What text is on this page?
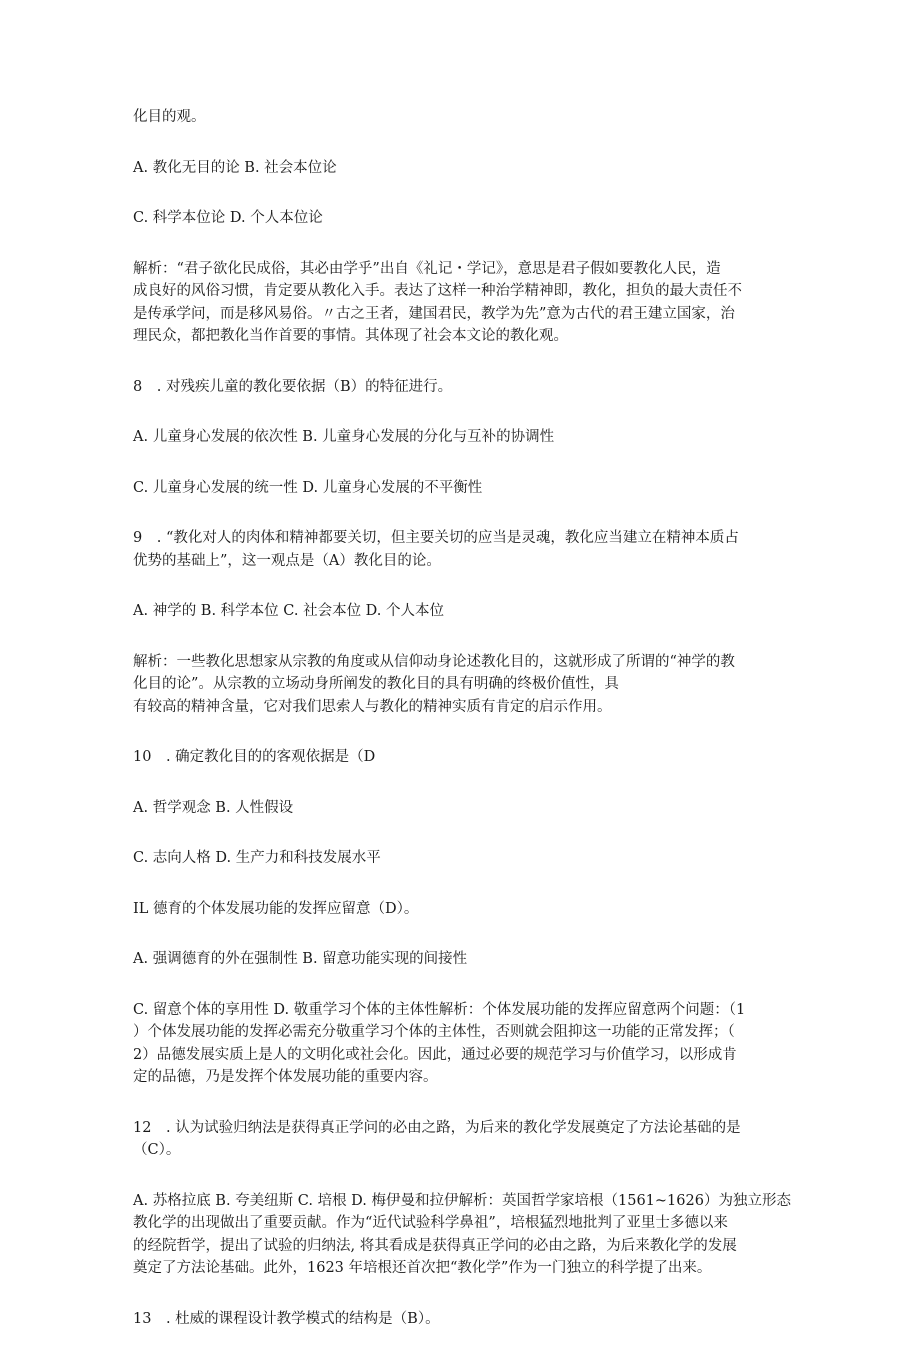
化目的观。
A. 教化无目的论 B. 社会本位论
C. 科学本位论 D. 个人本位论
解析：“君子欲化民成俗，其必由学乎”出自《礼记・学记》，意思是君子假如要教化人民，造
成良好的风俗习惯，肯定要从教化入手。表达了这样一种治学精神即，教化，担负的最大责任不
是传承学问，而是移风易俗。〃古之王者，建国君民，教学为先”意为古代的君王建立国家，治
理民众，都把教化当作首要的事情。其体现了社会本文论的教化观。
8　. 对残疾儿童的教化要依据（B）的特征进行。
A. 儿童身心发展的依次性 B. 儿童身心发展的分化与互补的协调性
C. 儿童身心发展的统一性 D. 儿童身心发展的不平衡性
9　. “教化对人的肉体和精神都要关切，但主要关切的应当是灵魂，教化应当建立在精神本质占
优势的基础上”，这一观点是（A）教化目的论。
A. 神学的 B. 科学本位 C. 社会本位 D. 个人本位
解析：一些教化思想家从宗教的角度或从信仰动身论述教化目的，这就形成了所谓的“神学的教
化目的论”。从宗教的立场动身所阐发的教化目的具有明确的终极价值性，具
有较高的精神含量，它对我们思索人与教化的精神实质有肯定的启示作用。
10　. 确定教化目的的客观依据是（D
A. 哲学观念 B. 人性假设
C. 志向人格 D. 生产力和科技发展水平
IL 德育的个体发展功能的发挥应留意（D）。
A. 强调德育的外在强制性 B. 留意功能实现的间接性
C. 留意个体的享用性 D. 敬重学习个体的主体性解析：个体发展功能的发挥应留意两个问题：（1
）个体发展功能的发挥必需充分敬重学习个体的主体性，否则就会阻抑这一功能的正常发挥；（
2）品德发展实质上是人的文明化或社会化。因此，通过必要的规范学习与价值学习，以形成肯
定的品德，乃是发挥个体发展功能的重要内容。
12　. 认为试验归纳法是获得真正学问的必由之路，为后来的教化学发展奠定了方法论基础的是
（C）。
A. 苏格拉底 B. 夸美纽斯 C. 培根 D. 梅伊曼和拉伊解析：英国哲学家培根（1561~1626）为独立形态
教化学的出现做出了重要贡献。作为“近代试验科学鼻祖”，培根猛烈地批判了亚里士多德以来
的经院哲学，提出了试验的归纳法, 将其看成是获得真正学问的必由之路，为后来教化学的发展
奠定了方法论基础。此外，1623 年培根还首次把“教化学”作为一门独立的科学提了出来。
13　. 杜威的课程设计教学模式的结构是（B）。
